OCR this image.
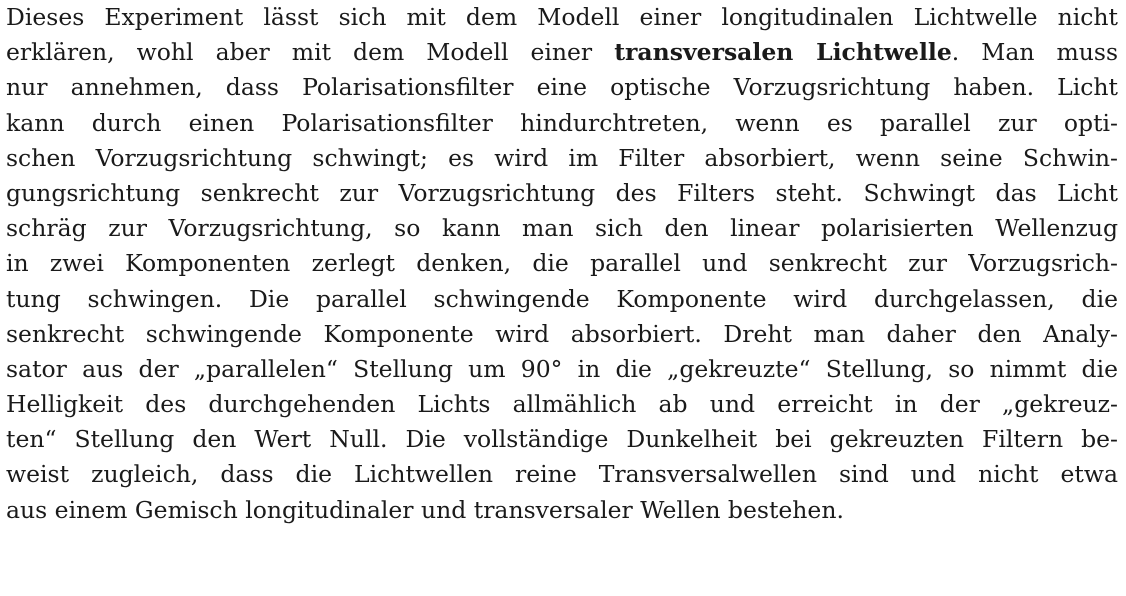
Dieses Experiment lässt sich mit dem Modell einer longitudinalen Lichtwelle nicht
erklären, wohl aber mit dem Modell einer transversalen Lichtwelle. Man muss
nur annehmen, dass Polarisationsfilter eine optische Vorzugsrichtung haben. Licht
kann durch einen Polarisationsfilter hindurchtreten, wenn es parallel zur opti-
schen Vorzugsrichtung schwingt; es wird im Filter absorbiert, wenn seine Schwin-
gungsrichtung senkrecht zur Vorzugsrichtung des Filters steht. Schwingt das Licht
schräg zur Vorzugsrichtung, so kann man sich den linear polarisierten Wellenzug
in zwei Komponenten zerlegt denken, die parallel und senkrecht zur Vorzugsrich-
tung schwingen. Die parallel schwingende Komponente wird durchgelassen, die
senkrecht schwingende Komponente wird absorbiert. Dreht man daher den Analy-
sator aus der „parallelen“ Stellung um 90° in die „gekreuzte“ Stellung, so nimmt die
Helligkeit des durchgehenden Lichts allmählich ab und erreicht in der „gekreuz-
ten“ Stellung den Wert Null. Die vollständige Dunkelheit bei gekreuzten Filtern be-
weist zugleich, dass die Lichtwellen reine Transversalwellen sind und nicht etwa
aus einem Gemisch longitudinaler und transversaler Wellen bestehen.
